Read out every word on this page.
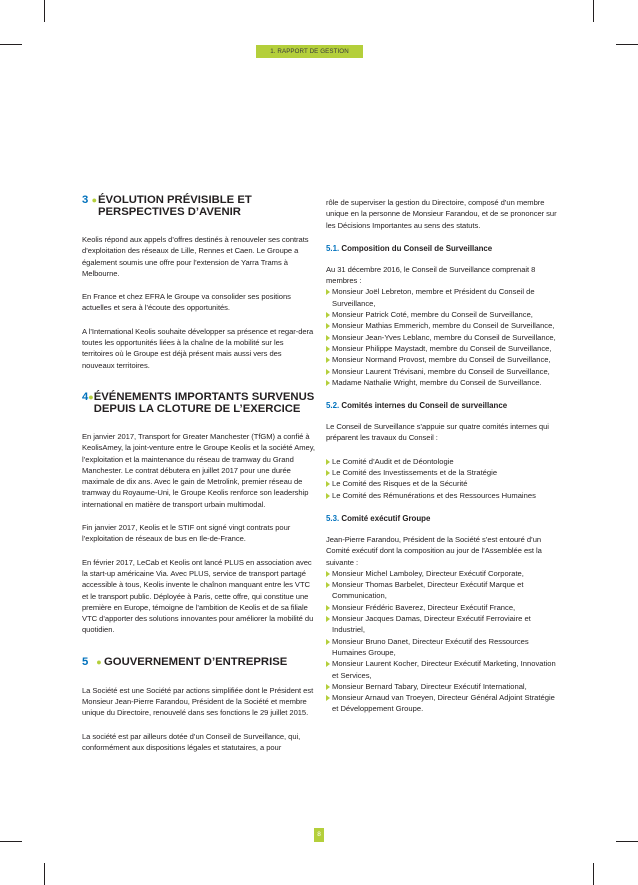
1. RAPPORT DE GESTION
3 ● ÉVOLUTION PRÉVISIBLE ET PERSPECTIVES D’AVENIR

Keolis répond aux appels d’offres destinés à renouveler ses contrats d’exploitation des réseaux de Lille, Rennes et Caen. Le Groupe a également soumis une offre pour l’extension de Yarra Trams à Melbourne.

En France et chez EFRA le Groupe va consolider ses positions actuelles et sera à l’écoute des opportunités.

A l’International Keolis souhaite développer sa présence et regar-dera toutes les opportunités liées à la chaîne de la mobilité sur les territoires où le Groupe est déjà présent mais aussi vers des nouveaux territoires.

4 ● ÉVÉNEMENTS IMPORTANTS SURVENUS DEPUIS LA CLOTURE DE L’EXERCICE

En janvier 2017, Transport for Greater Manchester (TfGM) a confié à KeolisAmey, la joint-venture entre le Groupe Keolis et la société Amey, l’exploitation et la maintenance du réseau de tramway du Grand Manchester. Le contrat débutera en juillet 2017 pour une durée maximale de dix ans. Avec le gain de Metrolink, premier réseau de tramway du Royaume-Uni, le Groupe Keolis renforce son leadership international en matière de transport urbain multimodal.

Fin janvier 2017, Keolis et le STIF ont signé vingt contrats pour l’exploitation de réseaux de bus en Ile-de-France.

En février 2017, LeCab et Keolis ont lancé PLUS en association avec la start-up américaine Via. Avec PLUS, service de transport partagé accessible à tous, Keolis invente le chaînon manquant entre les VTC et le transport public. Déployée à Paris, cette offre, qui constitue une première en Europe, témoigne de l’ambition de Keolis et de sa filiale VTC d’apporter des solutions innovantes pour améliorer la mobilité du quotidien.

5 ● GOUVERNEMENT D’ENTREPRISE

La Société est une Société par actions simplifiée dont le Président est Monsieur Jean-Pierre Farandou, Président de la Société et membre unique du Directoire, renouvelé dans ses fonctions le 29 juillet 2015.

La société est par ailleurs dotée d’un Conseil de Surveillance, qui, conformément aux dispositions légales et statutaires, a pour

rôle de superviser la gestion du Directoire, composé d’un membre unique en la personne de Monsieur Farandou, et de se prononcer sur les Décisions Importantes au sens des statuts.

5.1. Composition du Conseil de Surveillance

Au 31 décembre 2016, le Conseil de Surveillance comprenait 8 membres :

Monsieur Joël Lebreton, membre et Président du Conseil de Surveillance,
Monsieur Patrick Coté, membre du Conseil de Surveillance,
Monsieur Mathias Emmerich, membre du Conseil de Surveillance,
Monsieur Jean-Yves Leblanc, membre du Conseil de Surveillance,
Monsieur Philippe Maystadt, membre du Conseil de Surveillance,
Monsieur Normand Provost, membre du Conseil de Surveillance,
Monsieur Laurent Trévisani, membre du Conseil de Surveillance,
Madame Nathalie Wright, membre du Conseil de Surveillance.
5.2. Comités internes du Conseil de surveillance

Le Conseil de Surveillance s’appuie sur quatre comités internes qui préparent les travaux du Conseil :

Le Comité d’Audit et de Déontologie
Le Comité des Investissements et de la Stratégie
Le Comité des Risques et de la Sécurité
Le Comité des Rémunérations et des Ressources Humaines
5.3. Comité exécutif Groupe

Jean-Pierre Farandou, Président de la Société s’est entouré d’un Comité exécutif dont la composition au jour de l’Assemblée est la suivante :

Monsieur Michel Lamboley, Directeur Exécutif Corporate,
Monsieur Thomas Barbelet, Directeur Exécutif Marque et Communication,
Monsieur Frédéric Baverez, Directeur Exécutif France,
Monsieur Jacques Damas, Directeur Exécutif Ferroviaire et Industriel,
Monsieur Bruno Danet, Directeur Exécutif des Ressources Humaines Groupe,
Monsieur Laurent Kocher, Directeur Exécutif Marketing, Innovation et Services,
Monsieur Bernard Tabary, Directeur Exécutif International,
Monsieur Arnaud van Troeyen, Directeur Général Adjoint Stratégie et Développement Groupe.
8
